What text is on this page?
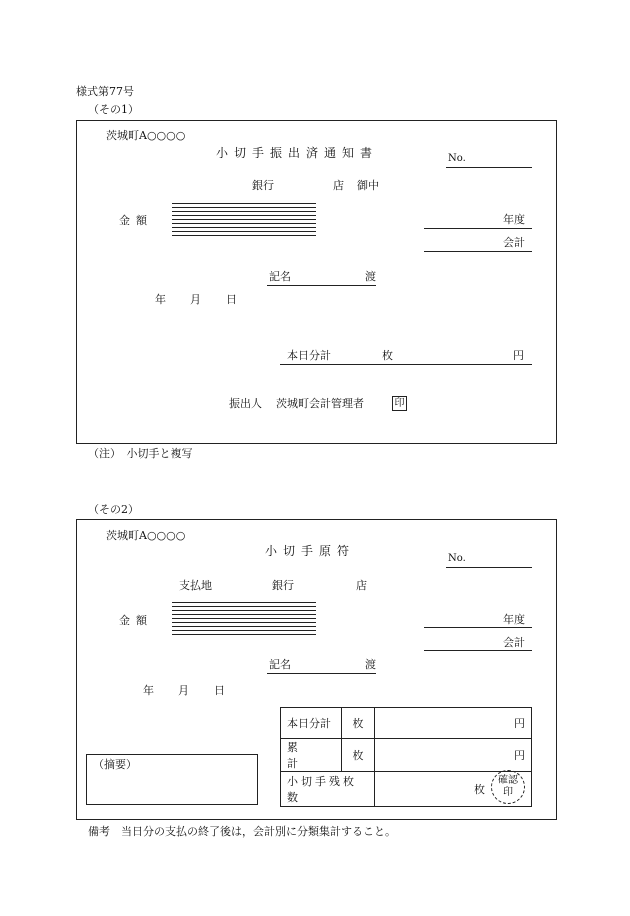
様式第77号
（その1）
茨城町A○○○○
小切手振出済通知書	No.
銀行	店 御中
金額	年度
会計
記名	渡
年 月 日
本日分計	枚	円
振出人 茨城町会計管理者	印
（注）　小切手と複写
（その2）
茨城町A○○○○
小切手原符
No.
支払地	銀行	店
金額	年度
会計
記名	渡
年 月 日
（摘要）
本日分計	枚	円
累計	枚	円
小切手残枚数		枚
確認
印
備考　当日分の支払の終了後は，会計別に分類集計すること。
